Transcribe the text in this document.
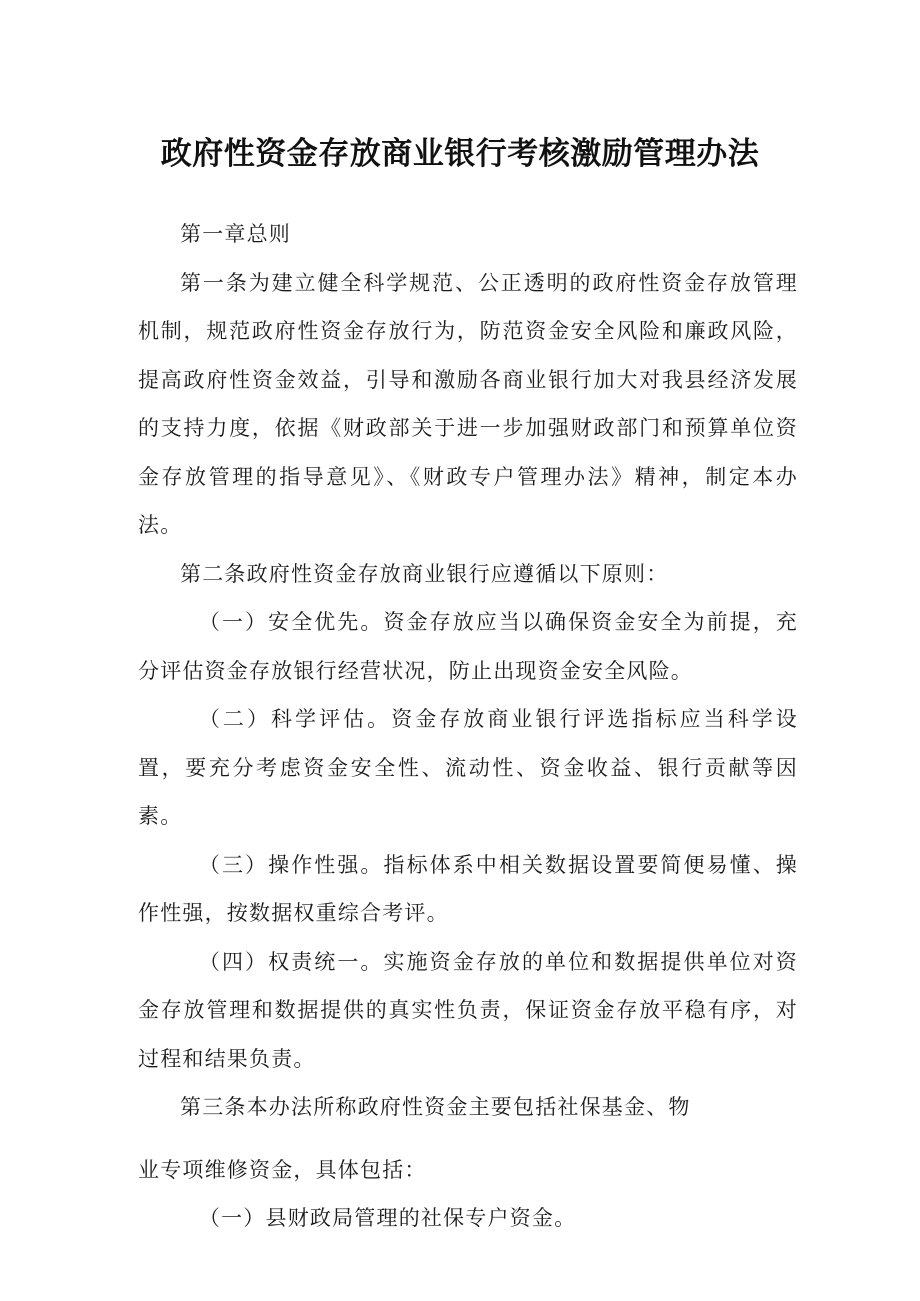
政府性资金存放商业银行考核激励管理办法

第一章总则

第一条为建立健全科学规范、公正透明的政府性资金存放管理机制，规范政府性资金存放行为，防范资金安全风险和廉政风险，提高政府性资金效益，引导和激励各商业银行加大对我县经济发展的支持力度，依据《财政部关于进一步加强财政部门和预算单位资金存放管理的指导意见》、《财政专户管理办法》精神，制定本办法。

第二条政府性资金存放商业银行应遵循以下原则：

（一）安全优先。资金存放应当以确保资金安全为前提，充分评估资金存放银行经营状况，防止出现资金安全风险。

（二）科学评估。资金存放商业银行评选指标应当科学设置，要充分考虑资金安全性、流动性、资金收益、银行贡献等因素。

（三）操作性强。指标体系中相关数据设置要简便易懂、操作性强，按数据权重综合考评。

（四）权责统一。实施资金存放的单位和数据提供单位对资金存放管理和数据提供的真实性负责，保证资金存放平稳有序，对过程和结果负责。

第三条本办法所称政府性资金主要包括社保基金、物

业专项维修资金，具体包括：

（一）县财政局管理的社保专户资金。
